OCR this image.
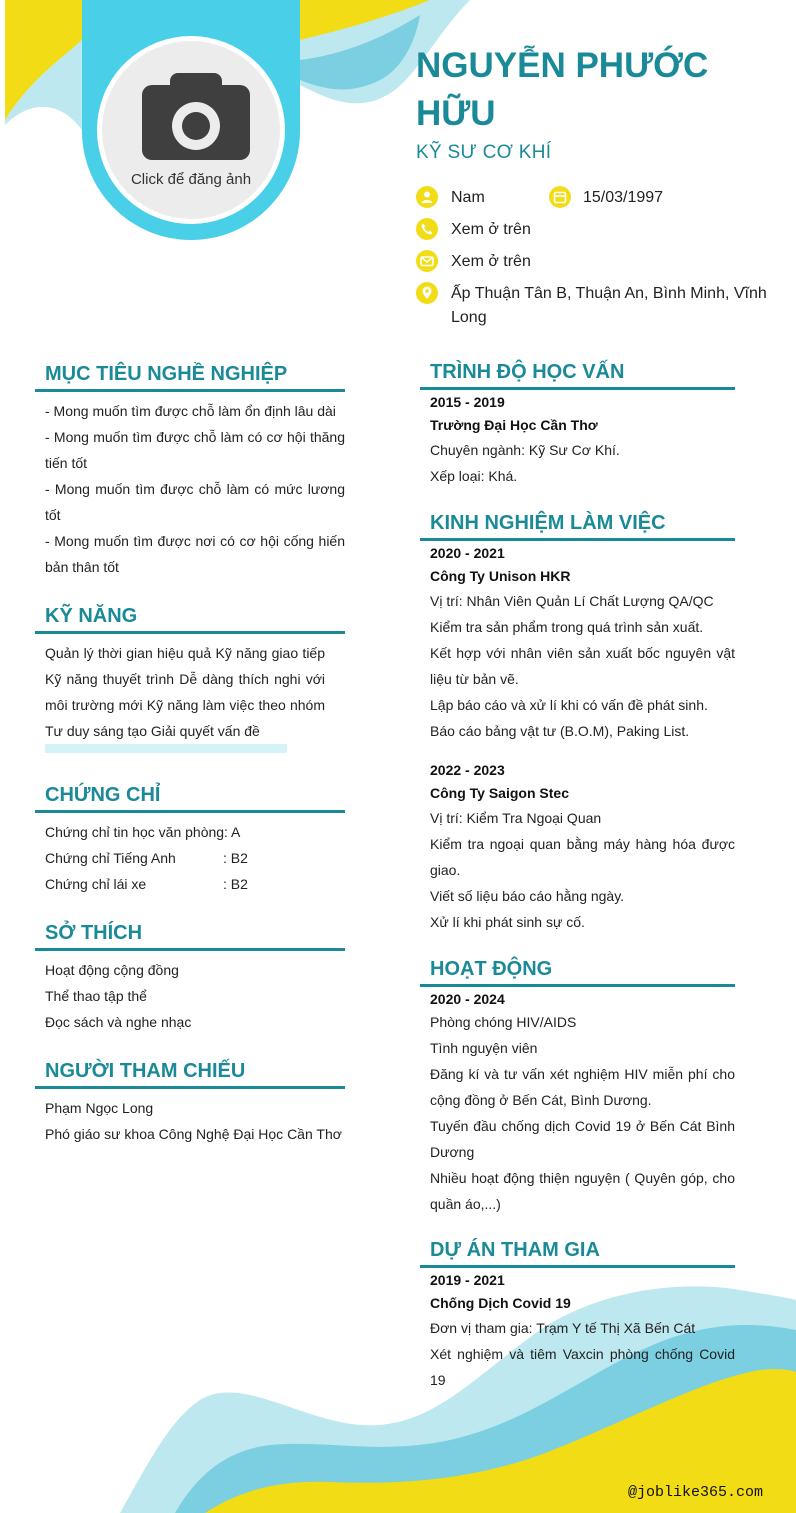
Click để đăng ảnh
NGUYỄN PHƯỚC HỮU
KỸ SƯ CƠ KHÍ
Nam	15/03/1997
Xem ở trên
Xem ở trên
Ấp Thuận Tân B, Thuận An, Bình Minh, Vĩnh Long
MỤC TIÊU NGHỀ NGHIỆP

- Mong muốn tìm được chỗ làm ổn định lâu dài

- Mong muốn tìm được chỗ làm có cơ hội thăng tiến tốt

- Mong muốn tìm được chỗ làm có mức lương tốt

- Mong muốn tìm được nơi có cơ hội cống hiến bản thân tốt

KỸ NĂNG
Quản lý thời gian hiệu quả Kỹ năng giao tiếp Kỹ năng thuyết trình Dễ dàng thích nghi với môi trường mới Kỹ năng làm việc theo nhóm Tư duy sáng tạo Giải quyết vấn đề
CHỨNG CHỈ

Chứng chỉ tin học văn phòng: A

Chứng chỉ Tiếng Anh	: B2

Chứng chỉ lái xe	: B2

SỞ THÍCH

Hoạt động cộng đồng

Thể thao tập thể

Đọc sách và nghe nhạc

NGƯỜI THAM CHIẾU

Phạm Ngọc Long

Phó giáo sư khoa Công Nghệ Đại Học Cần Thơ

TRÌNH ĐỘ HỌC VẤN
2015 - 2019
Trường Đại Học Cần Thơ

Chuyên ngành: Kỹ Sư Cơ Khí.

Xếp loại: Khá.

KINH NGHIỆM LÀM VIỆC
2020 - 2021
Công Ty Unison HKR

Vị trí: Nhân Viên Quản Lí Chất Lượng QA/QC

Kiểm tra sản phẩm trong quá trình sản xuất.

Kết hợp với nhân viên sản xuất bốc nguyên vật liệu từ bản vẽ.

Lập báo cáo và xử lí khi có vấn đề phát sinh.

Báo cáo bảng vật tư (B.O.M), Paking List.

2022 - 2023
Công Ty Saigon Stec

Vị trí: Kiểm Tra Ngoại Quan

Kiểm tra ngoại quan bằng máy hàng hóa được giao.

Viết số liệu báo cáo hằng ngày.

Xử lí khi phát sinh sự cố.

HOẠT ĐỘNG
2020 - 2024

Phòng chóng HIV/AIDS

Tình nguyện viên

Đăng kí và tư vấn xét nghiệm HIV miễn phí cho cộng đồng ở Bến Cát, Bình Dương.

Tuyến đầu chống dịch Covid 19 ở Bến Cát Bình Dương

Nhiều hoạt động thiện nguyện ( Quyên góp, cho quần áo,...)

DỰ ÁN THAM GIA
2019 - 2021
Chống Dịch Covid 19

Đơn vị tham gia: Trạm Y tế Thị Xã Bến Cát

Xét nghiệm và tiêm Vaxcin phòng chống Covid 19

@joblike365.com
